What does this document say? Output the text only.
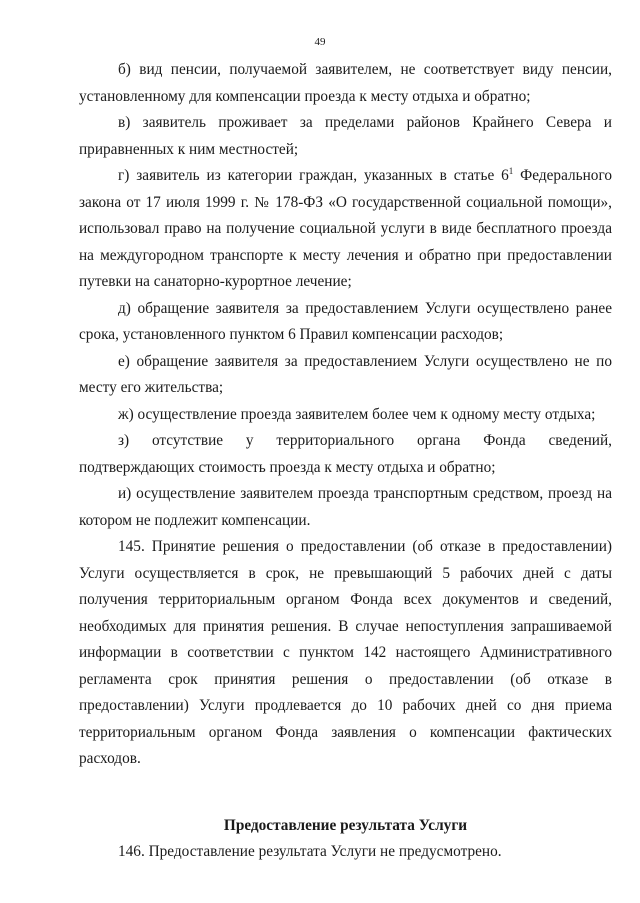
49

б) вид пенсии, получаемой заявителем, не соответствует виду пенсии, установленному для компенсации проезда к месту отдыха и обратно;

в) заявитель проживает за пределами районов Крайнего Севера и приравненных к ним местностей;

г) заявитель из категории граждан, указанных в статье $6^1$ Федерального закона от 17 июля 1999 г. № 178-ФЗ «О государственной социальной помощи», использовал право на получение социальной услуги в виде бесплатного проезда на междугородном транспорте к месту лечения и обратно при предоставлении путевки на санаторно-курортное лечение;

д) обращение заявителя за предоставлением Услуги осуществлено ранее срока, установленного пунктом 6 Правил компенсации расходов;

е) обращение заявителя за предоставлением Услуги осуществлено не по месту его жительства;

ж) осуществление проезда заявителем более чем к одному месту отдыха;

з) отсутствие у территориального органа Фонда сведений, подтверждающих стоимость проезда к месту отдыха и обратно;

и) осуществление заявителем проезда транспортным средством, проезд на котором не подлежит компенсации.

145. Принятие решения о предоставлении (об отказе в предоставлении) Услуги осуществляется в срок, не превышающий 5 рабочих дней с даты получения территориальным органом Фонда всех документов и сведений, необходимых для принятия решения. В случае непоступления запрашиваемой информации в соответствии с пунктом 142 настоящего Административного регламента срок принятия решения о предоставлении (об отказе в предоставлении) Услуги продлевается до 10 рабочих дней со дня приема территориальным органом Фонда заявления о компенсации фактических расходов.

Предоставление результата Услуги

146. Предоставление результата Услуги не предусмотрено.
